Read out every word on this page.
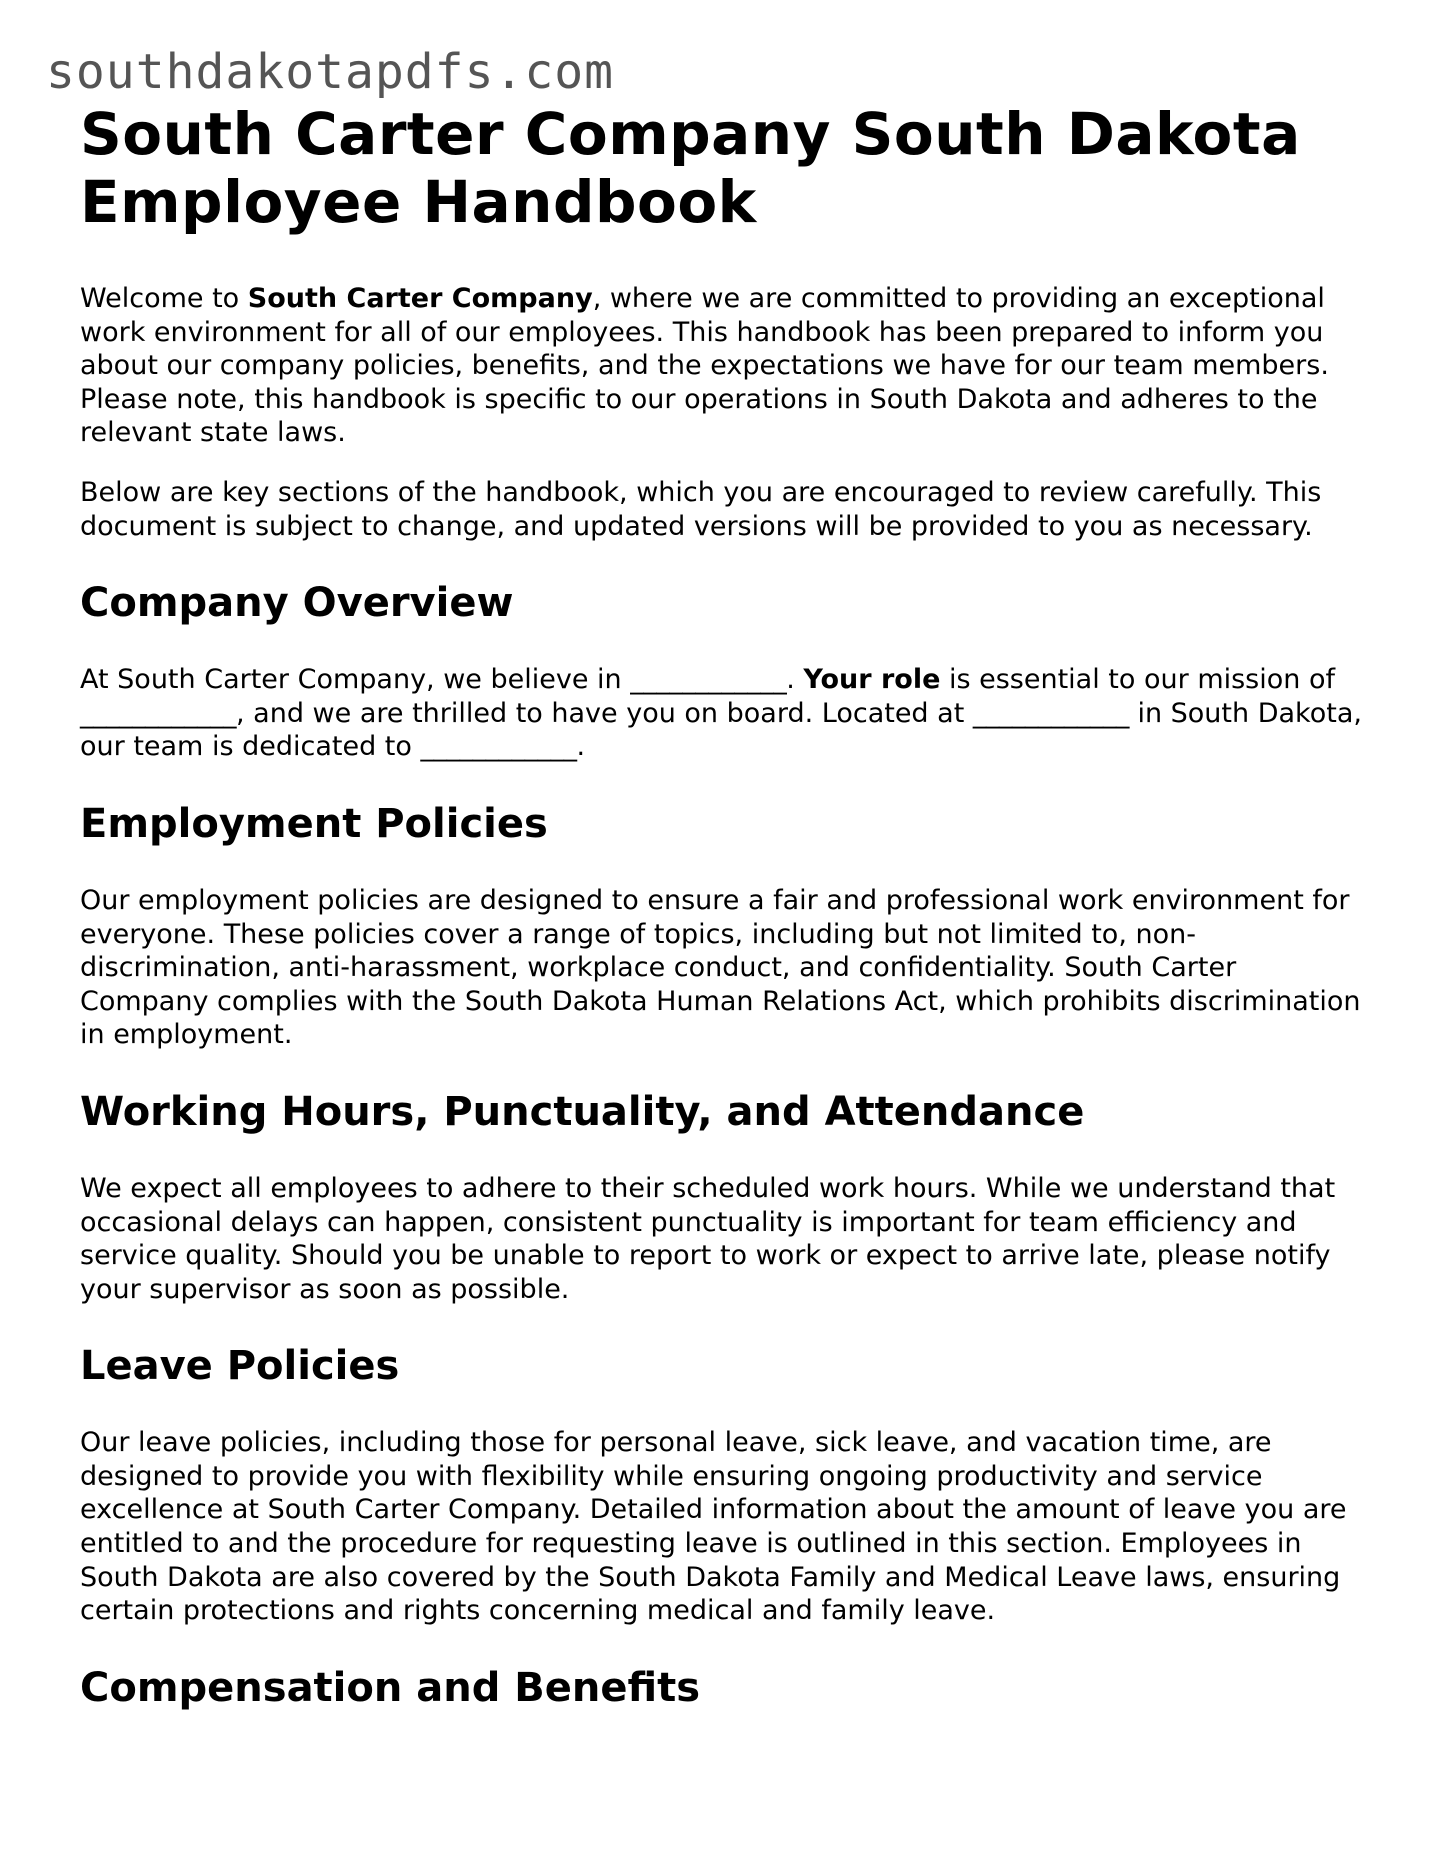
southdakotapdfs.com
South Carter Company South Dakota Employee Handbook

Welcome to South Carter Company, where we are committed to providing an exceptional work environment for all of our employees. This handbook has been prepared to inform you about our company policies, benefits, and the expectations we have for our team members. Please note, this handbook is specific to our operations in South Dakota and adheres to the relevant state laws.

Below are key sections of the handbook, which you are encouraged to review carefully. This document is subject to change, and updated versions will be provided to you as necessary.

Company Overview

At South Carter Company, we believe in ____________. Your role is essential to our mission of ____________, and we are thrilled to have you on board. Located at ____________ in South Dakota, our team is dedicated to ____________.

Employment Policies

Our employment policies are designed to ensure a fair and professional work environment for everyone. These policies cover a range of topics, including but not limited to, non-discrimination, anti-harassment, workplace conduct, and confidentiality. South Carter Company complies with the South Dakota Human Relations Act, which prohibits discrimination in employment.

Working Hours, Punctuality, and Attendance

We expect all employees to adhere to their scheduled work hours. While we understand that occasional delays can happen, consistent punctuality is important for team efficiency and service quality. Should you be unable to report to work or expect to arrive late, please notify your supervisor as soon as possible.

Leave Policies

Our leave policies, including those for personal leave, sick leave, and vacation time, are designed to provide you with flexibility while ensuring ongoing productivity and service excellence at South Carter Company. Detailed information about the amount of leave you are entitled to and the procedure for requesting leave is outlined in this section. Employees in South Dakota are also covered by the South Dakota Family and Medical Leave laws, ensuring certain protections and rights concerning medical and family leave.

Compensation and Benefits
